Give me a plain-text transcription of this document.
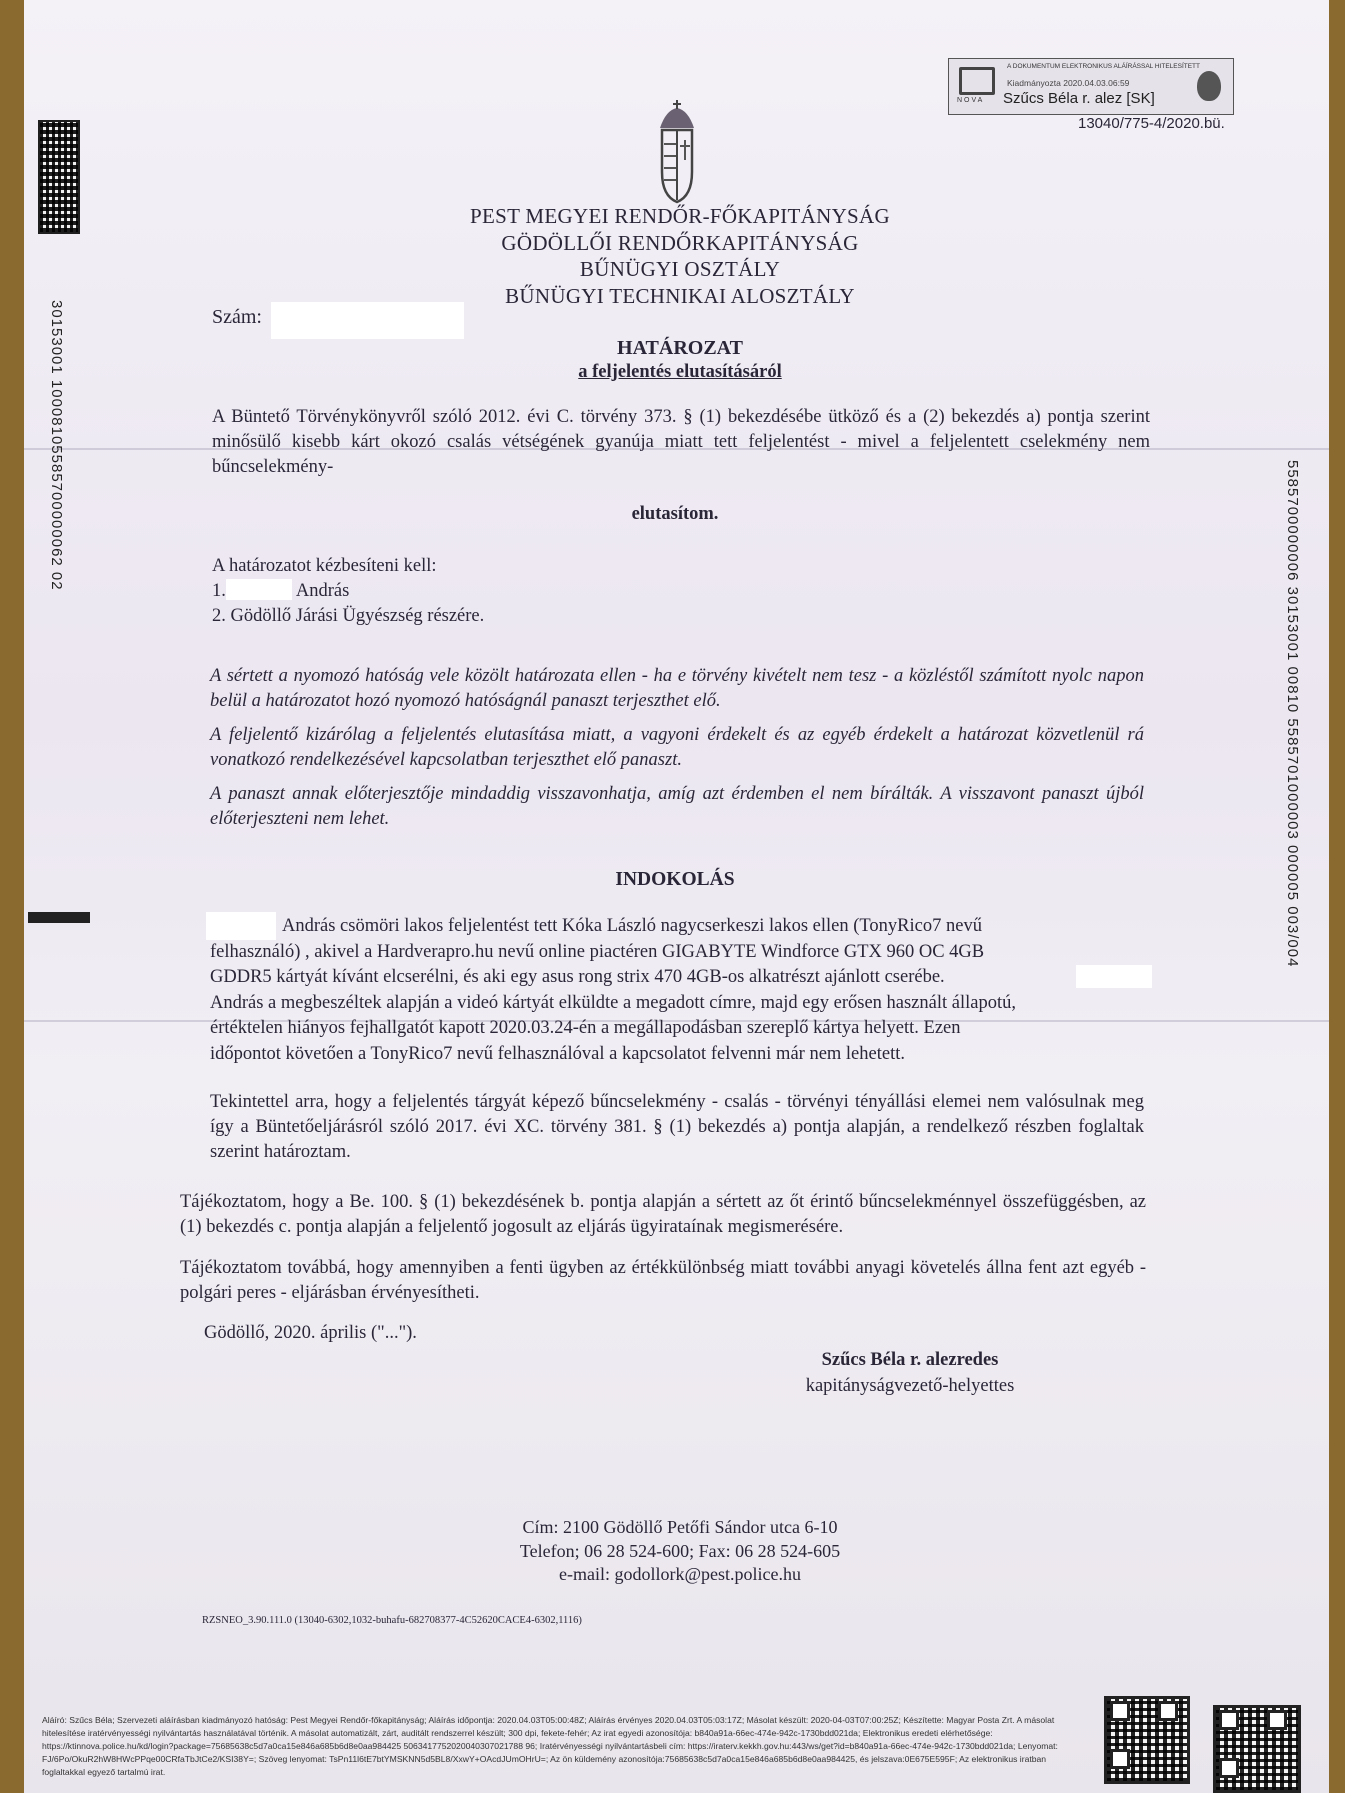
30153001 10008105585700000062 02
5585700000006 30153001 00810 5585701000003 000005 003/004
NOVA
A DOKUMENTUM ELEKTRONIKUS ALÁÍRÁSSAL HITELESÍTETT
Kiadmányozta 2020.04.03.06:59
Szűcs Béla r. alez [SK]
13040/775-4/2020.bü.
PEST MEGYEI RENDŐR-FŐKAPITÁNYSÁG
GÖDÖLLŐI RENDŐRKAPITÁNYSÁG
BŰNÜGYI OSZTÁLY
BŰNÜGYI TECHNIKAI ALOSZTÁLY
Szám:
HATÁROZAT
a feljelentés elutasításáról
A Büntető Törvénykönyvről szóló 2012. évi C. törvény 373. § (1) bekezdésébe ütköző és a (2) bekezdés a) pontja szerint minősülő kisebb kárt okozó csalás vétségének gyanúja miatt tett feljelentést - mivel a feljelentett cselekmény nem bűncselekmény-
elutasítom.
A határozatot kézbesíteni kell:
1.	András
2. Gödöllő Járási Ügyészség részére.
A sértett a nyomozó hatóság vele közölt határozata ellen - ha e törvény kivételt nem tesz - a közléstől számított nyolc napon belül a határozatot hozó nyomozó hatóságnál panaszt terjeszthet elő.
A feljelentő kizárólag a feljelentés elutasítása miatt, a vagyoni érdekelt és az egyéb érdekelt a határozat közvetlenül rá vonatkozó rendelkezésével kapcsolatban terjeszthet elő panaszt.
A panaszt annak előterjesztője mindaddig visszavonhatja, amíg azt érdemben el nem bírálták. A visszavont panaszt újból előterjeszteni nem lehet.
INDOKOLÁS
András csömöri lakos feljelentést tett Kóka László nagycserkeszi lakos ellen (TonyRico7 nevű
felhasználó) , akivel a Hardverapro.hu nevű online piactéren GIGABYTE Windforce GTX 960 OC 4GB
GDDR5 kártyát kívánt elcserélni, és aki egy asus rong strix 470 4GB-os alkatrészt ajánlott cserébe.
András a megbeszéltek alapján a videó kártyát elküldte a megadott címre, majd egy erősen használt állapotú,
értéktelen hiányos fejhallgatót kapott 2020.03.24-én a megállapodásban szereplő kártya helyett. Ezen
időpontot követően a TonyRico7 nevű felhasználóval a kapcsolatot felvenni már nem lehetett.
Tekintettel arra, hogy a feljelentés tárgyát képező bűncselekmény - csalás - törvényi tényállási elemei nem valósulnak meg így a Büntetőeljárásról szóló 2017. évi XC. törvény 381. § (1) bekezdés a) pontja alapján, a rendelkező részben foglaltak szerint határoztam.
Tájékoztatom, hogy a Be. 100. § (1) bekezdésének b. pontja alapján a sértett az őt érintő bűncselekménnyel összefüggésben, az (1) bekezdés c. pontja alapján a feljelentő jogosult az eljárás ügyirataínak megismerésére.
Tájékoztatom továbbá, hogy amennyiben a fenti ügyben az értékkülönbség miatt további anyagi követelés állna fent azt egyéb - polgári peres - eljárásban érvényesítheti.
Gödöllő, 2020. április ("...").
Szűcs Béla r. alezredes
kapitányságvezető-helyettes
Cím: 2100 Gödöllő Petőfi Sándor utca 6-10
Telefon; 06 28 524-600; Fax: 06 28 524-605
e-mail: godollork@pest.police.hu
RZSNEO_3.90.111.0 (13040-6302,1032-buhafu-682708377-4C52620CACE4-6302,1116)
Aláíró: Szűcs Béla; Szervezeti aláírásban kiadmányozó hatóság: Pest Megyei Rendőr-főkapitányság; Aláírás időpontja: 2020.04.03T05:00:48Z; Aláírás érvényes 2020.04.03T05:03:17Z; Másolat készült: 2020-04-03T07:00:25Z; Készítette: Magyar Posta Zrt. A másolat hitelesítése iratérvényességi nyilvántartás használatával történik. A másolat automatizált, zárt, auditált rendszerrel készült; 300 dpi, fekete-fehér; Az irat egyedi azonosítója: b840a91a-66ec-474e-942c-1730bdd021da; Elektronikus eredeti elérhetősége: https://ktinnova.police.hu/kd/login?package=75685638c5d7a0ca15e846a685b6d8e0aa984425 5063417752020040307021788 96; Iratérvényességi nyilvántartásbeli cím: https://iraterv.kekkh.gov.hu:443/ws/get?id=b840a91a-66ec-474e-942c-1730bdd021da; Lenyomat: FJ/6Po/OkuR2hW8HWcPPqe00CRfaTbJtCe2/KSI38Y=; Szöveg lenyomat: TsPn11l6tE7btYMSKNN5d5BL8/XxwY+OAcdJUmOHrU=; Az ön küldemény azonosítója:75685638c5d7a0ca15e846a685b6d8e0aa984425, és jelszava:0E675E595F; Az elektronikus iratban foglaltakkal egyező tartalmú irat.
